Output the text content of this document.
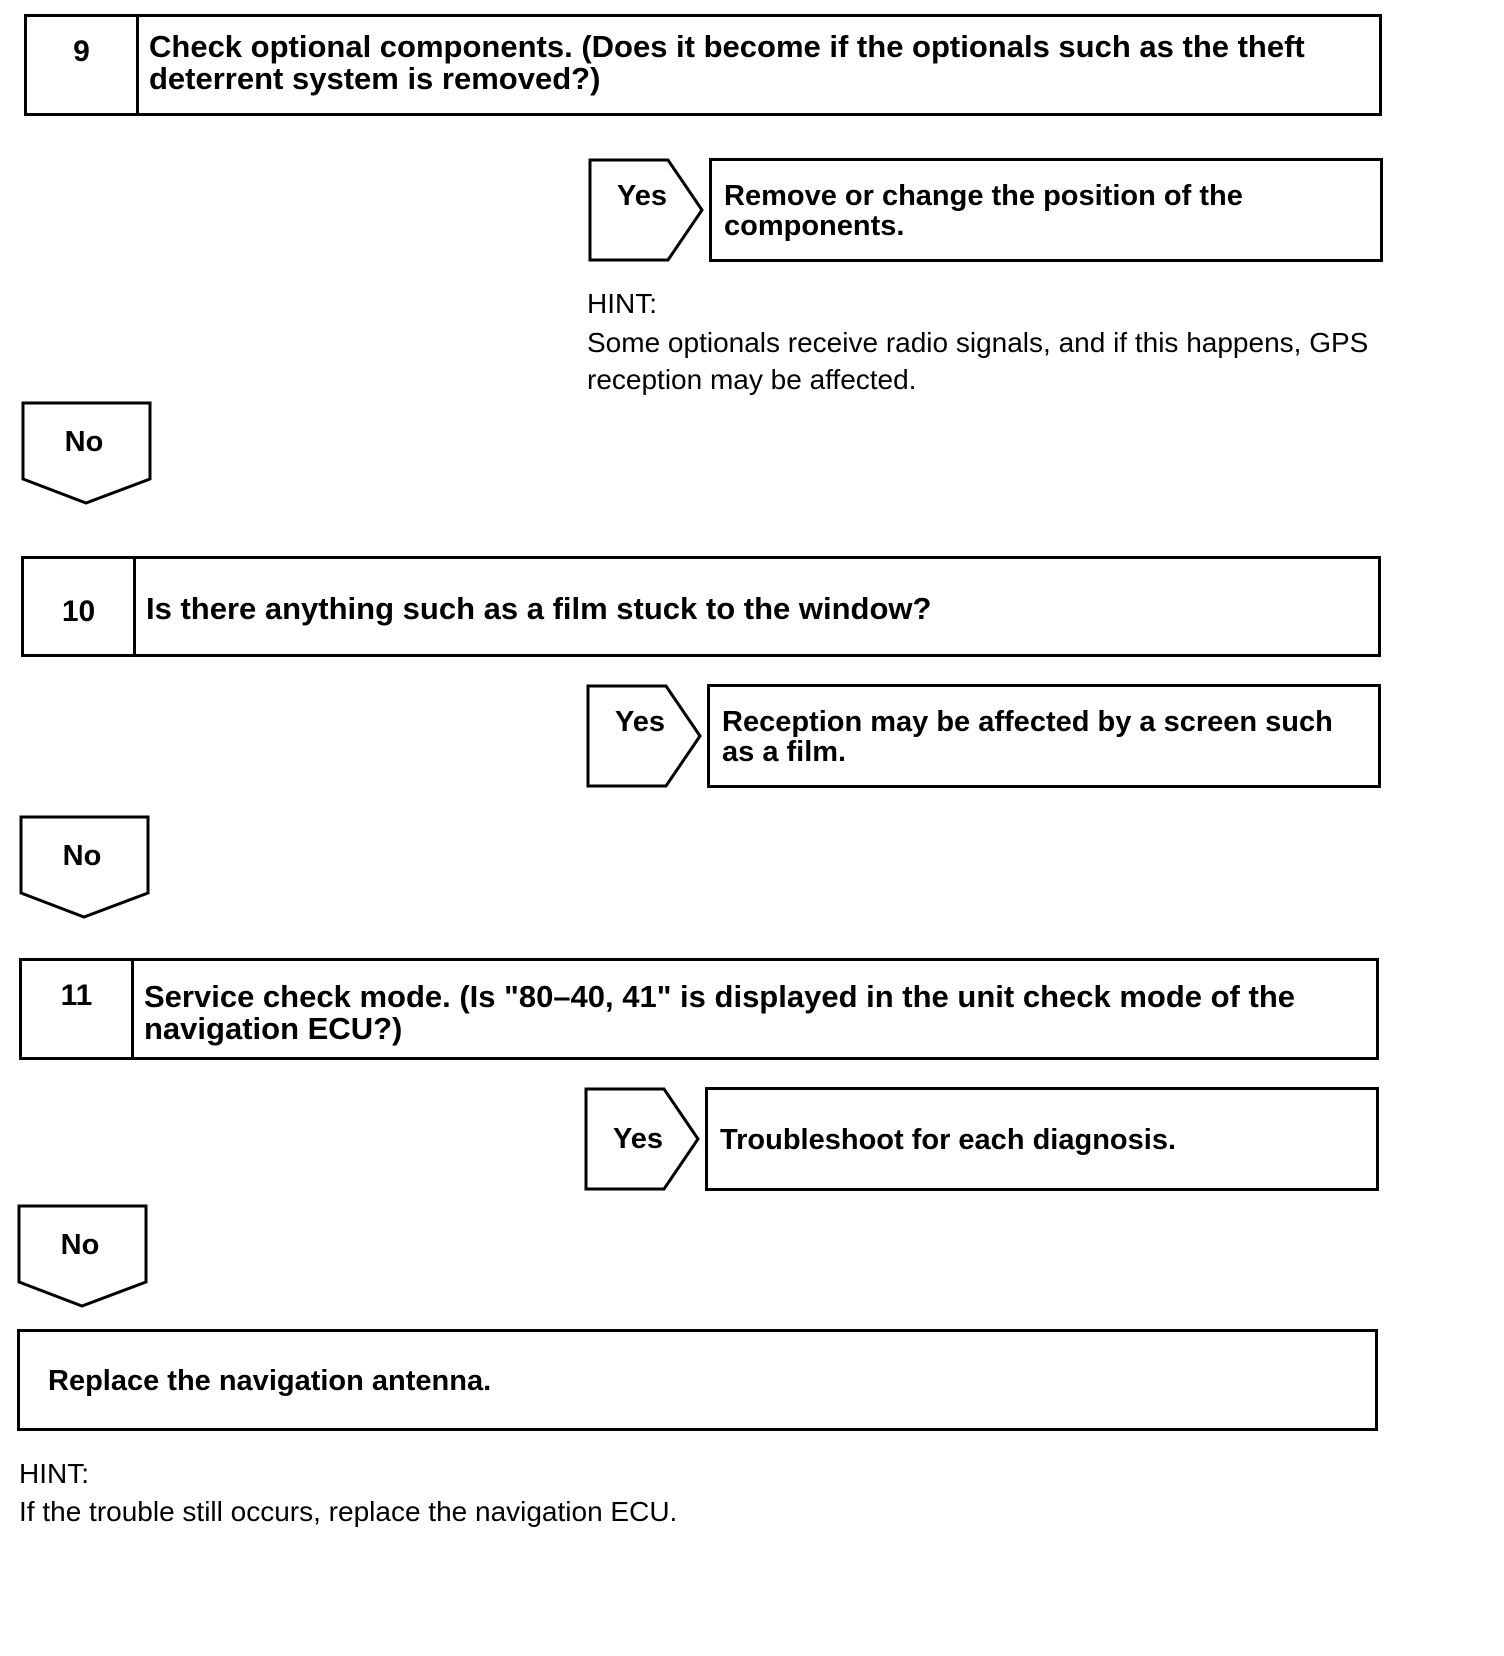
9	Check optional components. (Does it become if the optionals such as the theft deterrent system is removed?)
Yes	Remove or change the position of the components.
HINT:
Some optionals receive radio signals, and if this happens, GPS reception may be affected.
No
10	Is there anything such as a film stuck to the window?
Yes	Reception may be affected by a screen such as a film.
No
11	Service check mode. (Is "80–40, 41" is displayed in the unit check mode of the navigation ECU?)
Yes	Troubleshoot for each diagnosis.
No
Replace the navigation antenna.
HINT:
If the trouble still occurs, replace the navigation ECU.
